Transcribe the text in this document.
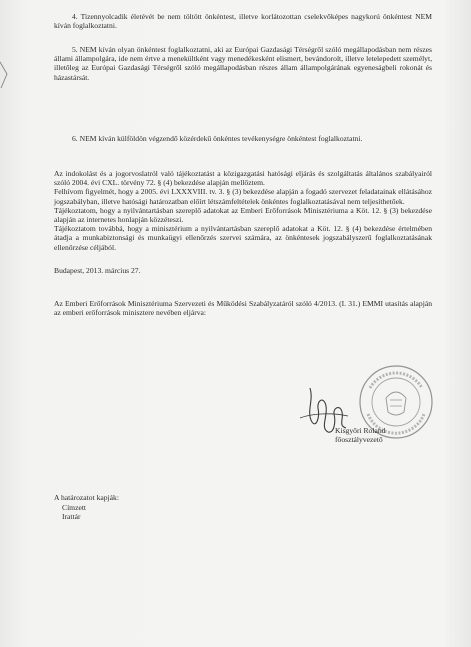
4. Tizennyolcadik életévét be nem töltött önkéntest, illetve korlátozottan cselekvőképes nagykorú önkéntest NEM kíván foglalkoztatni.

5. NEM kíván olyan önkéntest foglalkoztatni, aki az Európai Gazdasági Térségről szóló megállapodásban nem részes állami állampolgára, ide nem értve a menekültként vagy menedékesként elismert, bevándorolt, illetve letelepedett személyt, illetőleg az Európai Gazdasági Térségről szóló megállapodásban részes állam állampolgárának egyeneságbeli rokonát és házastársát.

6. NEM kíván külföldön végzendő közérdekű önkéntes tevékenységre önkéntest foglalkoztatni.

Az indokolást és a jogorvoslatról való tájékoztatást a közigazgatási hatósági eljárás és szolgáltatás általános szabályairól szóló 2004. évi CXL. törvény 72. § (4) bekezdése alapján mellőztem.

Felhívom figyelmét, hogy a 2005. évi LXXXVIII. tv. 3. § (3) bekezdése alapján a fogadó szervezet feladatainak ellátásához jogszabályban, illetve hatósági határozatban előírt létszámfeltételek önkéntes foglalkoztatásával nem teljesíthetőek.

Tájékoztatom, hogy a nyilvántartásban szereplő adatokat az Emberi Erőforrások Minisztériuma a Köt. 12. § (3) bekezdése alapján az internetes honlapján közzéteszi.

Tájékoztatom továbbá, hogy a minisztérium a nyilvántartásban szereplő adatokat a Köt. 12. § (4) bekezdése értelmében átadja a munkabiztonsági és munkaügyi ellenőrzés szervei számára, az önkéntesek jogszabályszerű foglalkoztatásának ellenőrzése céljából.

Budapest, 2013. március 27.

Az Emberi Erőforrások Minisztériuma Szervezeti és Működési Szabályzatáról szóló 4/2013. (I. 31.) EMMI utasítás alapján az emberi erőforrások minisztere nevében eljárva:

Kisgyőri Roland
főosztályvezető
A határozatot kapják:
Címzett
Irattár
